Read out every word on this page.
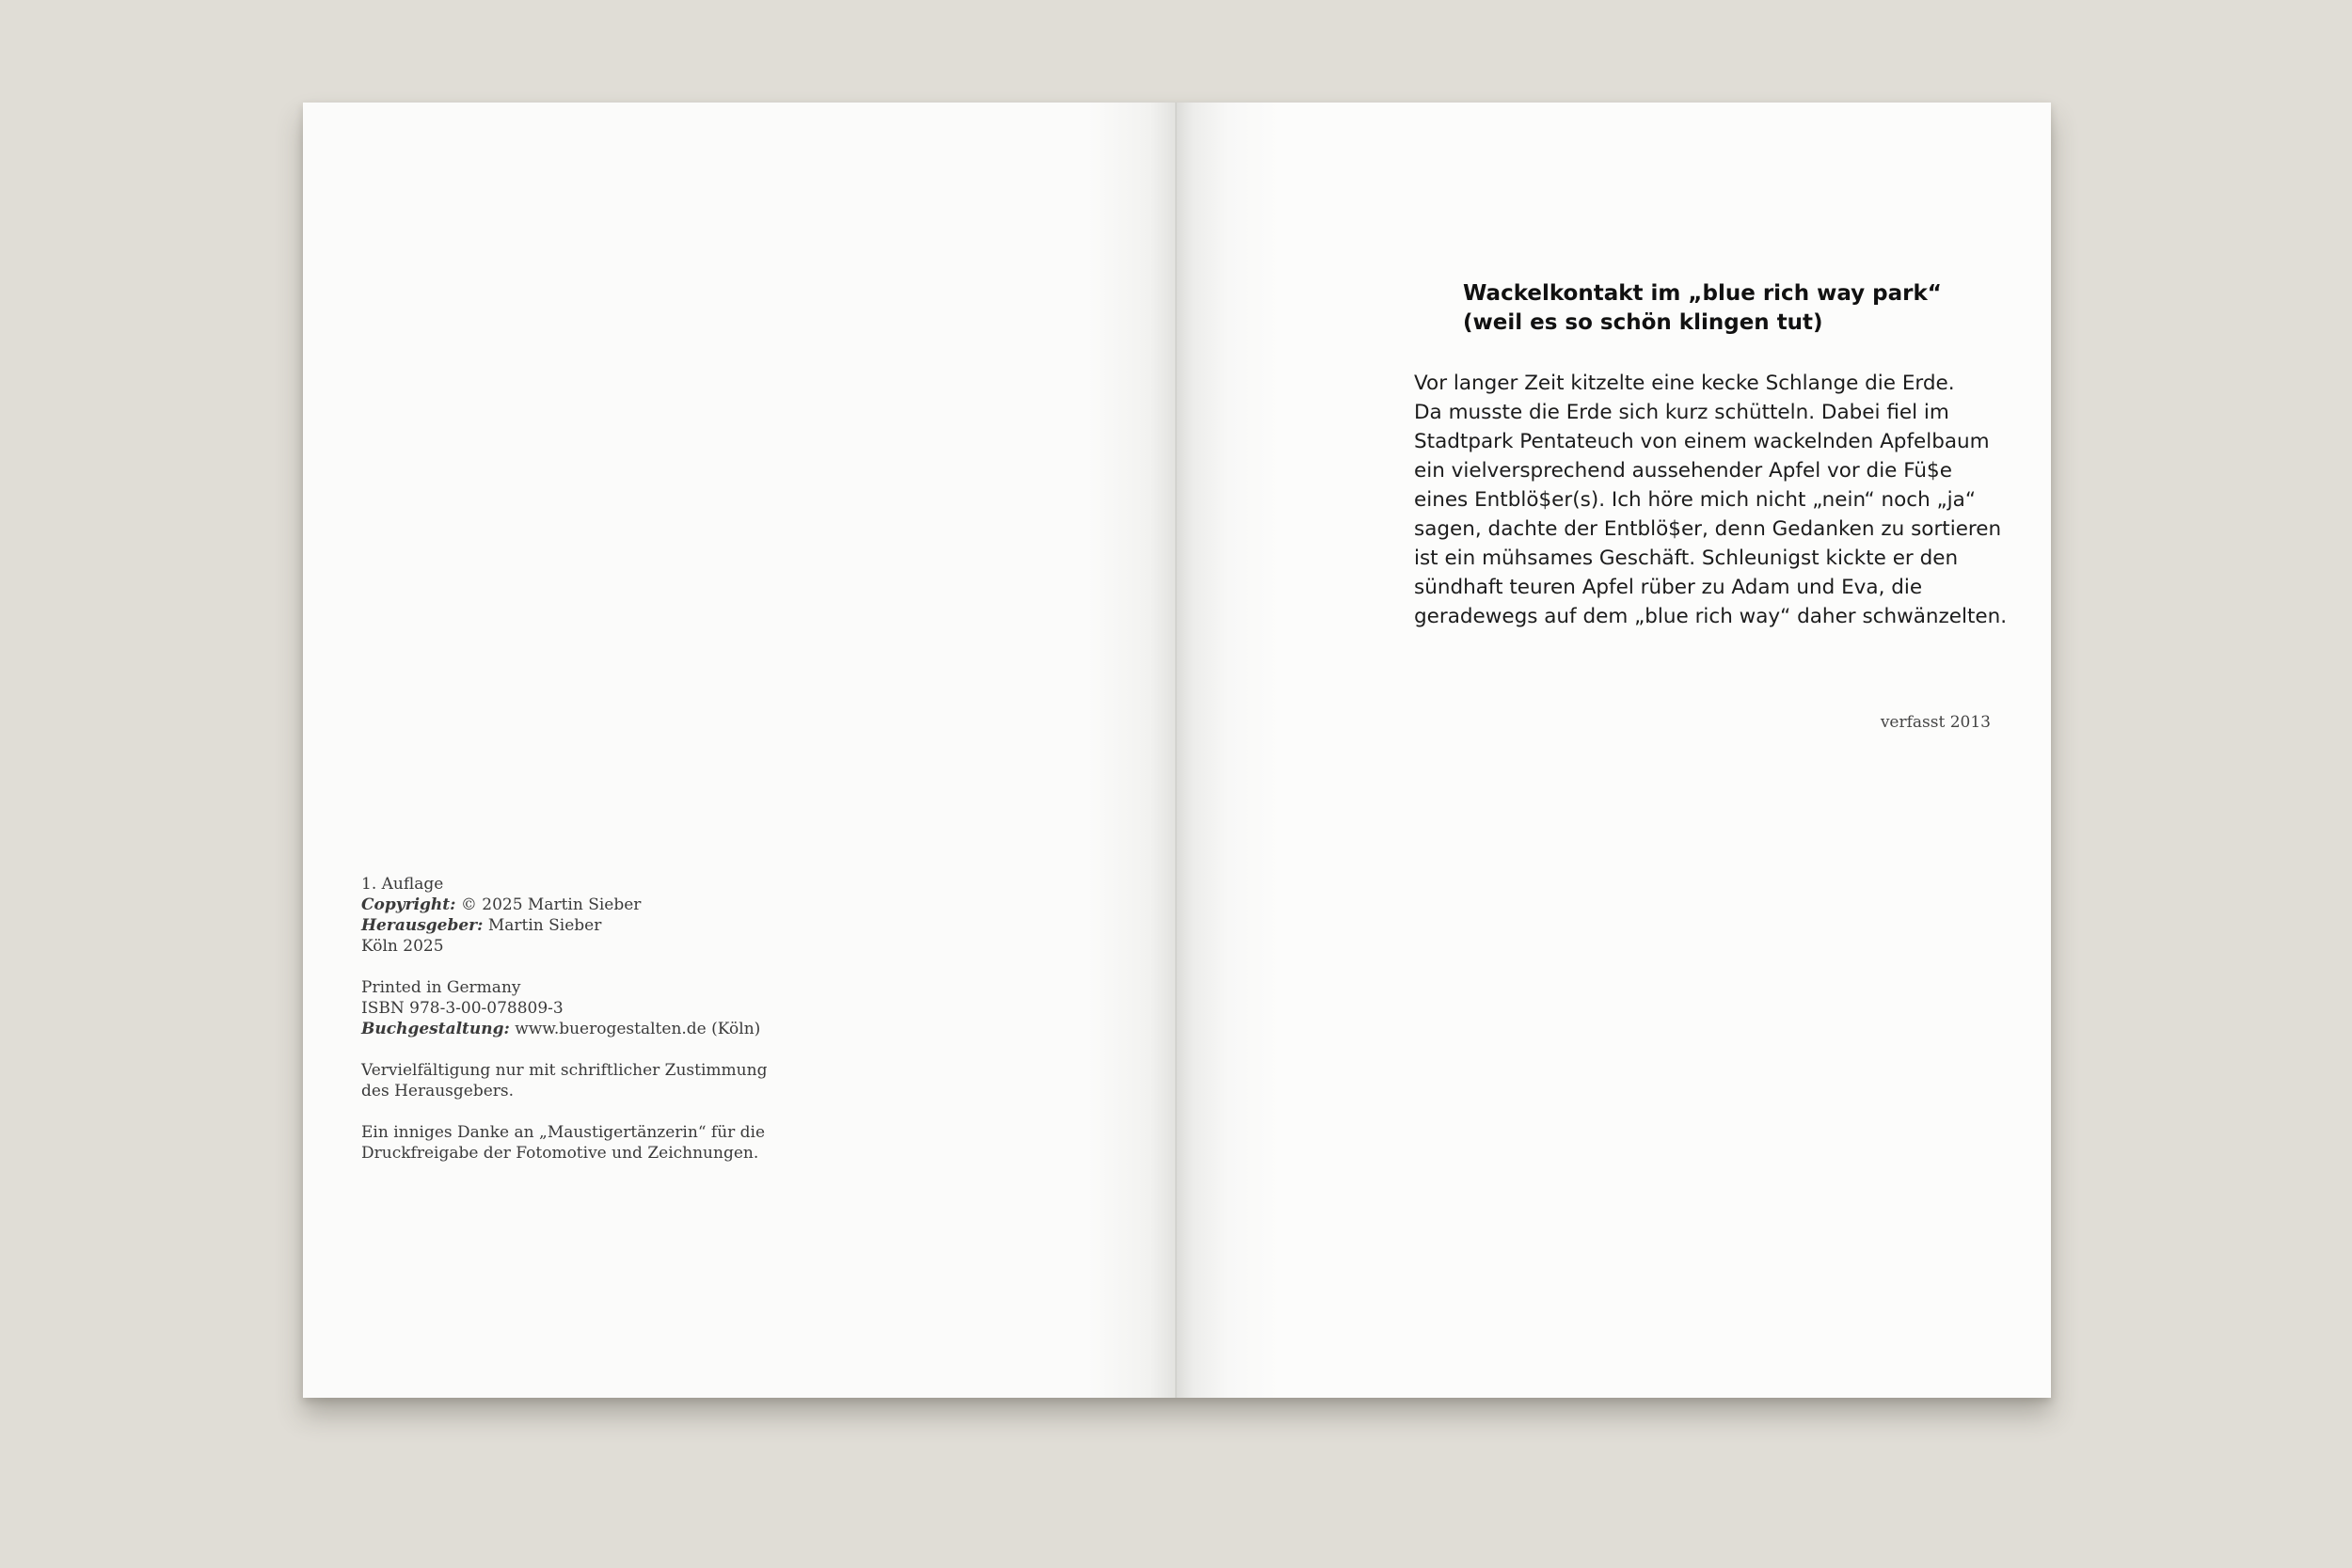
1. Auflage

Copyright: © 2025 Martin Sieber

Herausgeber: Martin Sieber

Köln 2025

Printed in Germany

ISBN 978-3-00-078809-3

Buchgestaltung: www.buerogestalten.de (Köln)

Vervielfältigung nur mit schriftlicher Zustimmung

des Herausgebers.

Ein inniges Danke an „Maustigertänzerin“ für die

Druckfreigabe der Fotomotive und Zeichnungen.

Wackelkontakt im „blue rich way park“
(weil es so schön klingen tut)
Vor langer Zeit kitzelte eine kecke Schlange die Erde.
Da musste die Erde sich kurz schütteln. Dabei fiel im
Stadtpark Pentateuch von einem wackelnden Apfelbaum
ein vielversprechend aussehender Apfel vor die Fü$e
eines Entblö$er(s). Ich höre mich nicht „nein“ noch „ja“
sagen, dachte der Entblö$er, denn Gedanken zu sortieren
ist ein mühsames Geschäft. Schleunigst kickte er den
sündhaft teuren Apfel rüber zu Adam und Eva, die
geradewegs auf dem „blue rich way“ daher schwänzelten.
verfasst 2013
